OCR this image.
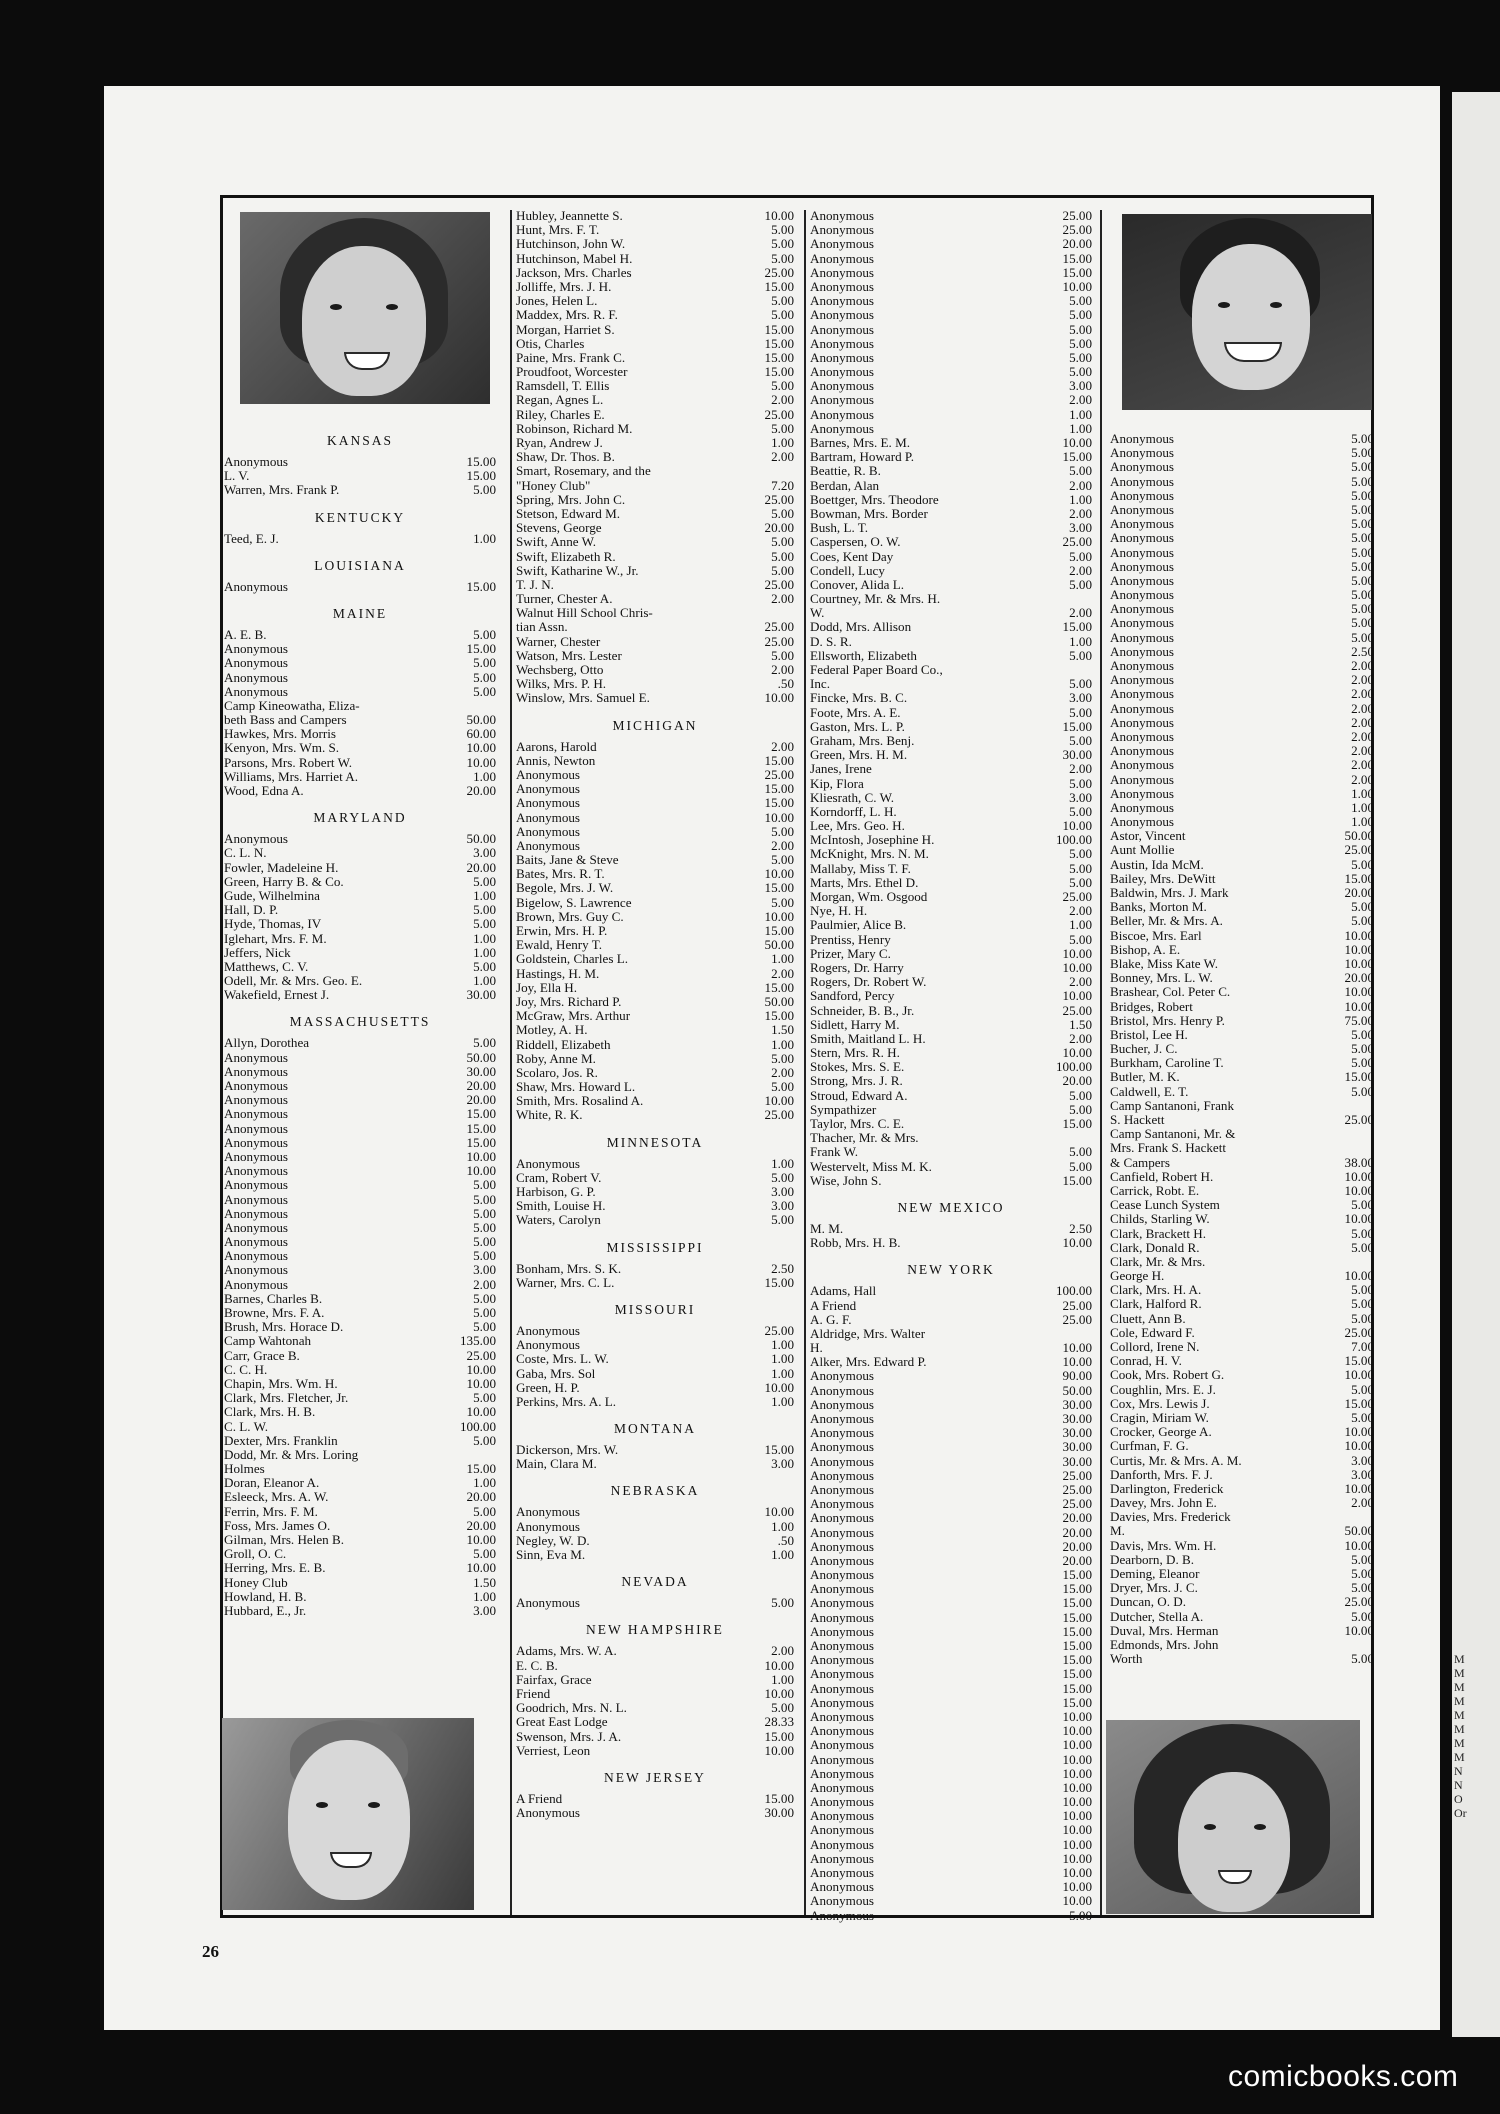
M
M
M
M
M
M
M
M
N
N
O
Or
KANSAS
Anonymous	15.00
L. V.	15.00
Warren, Mrs. Frank P.	5.00
KENTUCKY
Teed, E. J.	1.00
LOUISIANA
Anonymous	15.00
MAINE
A. E. B.	5.00
Anonymous	15.00
Anonymous	5.00
Anonymous	5.00
Anonymous	5.00
Camp Kineowatha, Eliza-
beth Bass and Campers	50.00
Hawkes, Mrs. Morris	60.00
Kenyon, Mrs. Wm. S.	10.00
Parsons, Mrs. Robert W.	10.00
Williams, Mrs. Harriet A.	1.00
Wood, Edna A.	20.00
MARYLAND
Anonymous	50.00
C. L. N.	3.00
Fowler, Madeleine H.	20.00
Green, Harry B. & Co.	5.00
Gude, Wilhelmina	1.00
Hall, D. P.	5.00
Hyde, Thomas, IV	5.00
Iglehart, Mrs. F. M.	1.00
Jeffers, Nick	1.00
Matthews, C. V.	5.00
Odell, Mr. & Mrs. Geo. E.	1.00
Wakefield, Ernest J.	30.00
MASSACHUSETTS
Allyn, Dorothea	5.00
Anonymous	50.00
Anonymous	30.00
Anonymous	20.00
Anonymous	20.00
Anonymous	15.00
Anonymous	15.00
Anonymous	15.00
Anonymous	10.00
Anonymous	10.00
Anonymous	5.00
Anonymous	5.00
Anonymous	5.00
Anonymous	5.00
Anonymous	5.00
Anonymous	5.00
Anonymous	3.00
Anonymous	2.00
Barnes, Charles B.	5.00
Browne, Mrs. F. A.	5.00
Brush, Mrs. Horace D.	5.00
Camp Wahtonah	135.00
Carr, Grace B.	25.00
C. C. H.	10.00
Chapin, Mrs. Wm. H.	10.00
Clark, Mrs. Fletcher, Jr.	5.00
Clark, Mrs. H. B.	10.00
C. L. W.	100.00
Dexter, Mrs. Franklin	5.00
Dodd, Mr. & Mrs. Loring
Holmes	15.00
Doran, Eleanor A.	1.00
Esleeck, Mrs. A. W.	20.00
Ferrin, Mrs. F. M.	5.00
Foss, Mrs. James O.	20.00
Gilman, Mrs. Helen B.	10.00
Groll, O. C.	5.00
Herring, Mrs. E. B.	10.00
Honey Club	1.50
Howland, H. B.	1.00
Hubbard, E., Jr.	3.00
Hubley, Jeannette S.	10.00
Hunt, Mrs. F. T.	5.00
Hutchinson, John W.	5.00
Hutchinson, Mabel H.	5.00
Jackson, Mrs. Charles	25.00
Jolliffe, Mrs. J. H.	15.00
Jones, Helen L.	5.00
Maddex, Mrs. R. F.	5.00
Morgan, Harriet S.	15.00
Otis, Charles	15.00
Paine, Mrs. Frank C.	15.00
Proudfoot, Worcester	15.00
Ramsdell, T. Ellis	5.00
Regan, Agnes L.	2.00
Riley, Charles E.	25.00
Robinson, Richard M.	5.00
Ryan, Andrew J.	1.00
Shaw, Dr. Thos. B.	2.00
Smart, Rosemary, and the
"Honey Club"	7.20
Spring, Mrs. John C.	25.00
Stetson, Edward M.	5.00
Stevens, George	20.00
Swift, Anne W.	5.00
Swift, Elizabeth R.	5.00
Swift, Katharine W., Jr.	5.00
T. J. N.	25.00
Turner, Chester A.	2.00
Walnut Hill School Chris-
tian Assn.	25.00
Warner, Chester	25.00
Watson, Mrs. Lester	5.00
Wechsberg, Otto	2.00
Wilks, Mrs. P. H.	.50
Winslow, Mrs. Samuel E.	10.00
MICHIGAN
Aarons, Harold	2.00
Annis, Newton	15.00
Anonymous	25.00
Anonymous	15.00
Anonymous	15.00
Anonymous	10.00
Anonymous	5.00
Anonymous	2.00
Baits, Jane & Steve	5.00
Bates, Mrs. R. T.	10.00
Begole, Mrs. J. W.	15.00
Bigelow, S. Lawrence	5.00
Brown, Mrs. Guy C.	10.00
Erwin, Mrs. H. P.	15.00
Ewald, Henry T.	50.00
Goldstein, Charles L.	1.00
Hastings, H. M.	2.00
Joy, Ella H.	15.00
Joy, Mrs. Richard P.	50.00
McGraw, Mrs. Arthur	15.00
Motley, A. H.	1.50
Riddell, Elizabeth	1.00
Roby, Anne M.	5.00
Scolaro, Jos. R.	2.00
Shaw, Mrs. Howard L.	5.00
Smith, Mrs. Rosalind A.	10.00
White, R. K.	25.00
MINNESOTA
Anonymous	1.00
Cram, Robert V.	5.00
Harbison, G. P.	3.00
Smith, Louise H.	3.00
Waters, Carolyn	5.00
MISSISSIPPI
Bonham, Mrs. S. K.	2.50
Warner, Mrs. C. L.	15.00
MISSOURI
Anonymous	25.00
Anonymous	1.00
Coste, Mrs. L. W.	1.00
Gaba, Mrs. Sol	1.00
Green, H. P.	10.00
Perkins, Mrs. A. L.	1.00
MONTANA
Dickerson, Mrs. W.	15.00
Main, Clara M.	3.00
NEBRASKA
Anonymous	10.00
Anonymous	1.00
Negley, W. D.	.50
Sinn, Eva M.	1.00
NEVADA
Anonymous	5.00
NEW HAMPSHIRE
Adams, Mrs. W. A.	2.00
E. C. B.	10.00
Fairfax, Grace	1.00
Friend	10.00
Goodrich, Mrs. N. L.	5.00
Great East Lodge	28.33
Swenson, Mrs. J. A.	15.00
Verriest, Leon	10.00
NEW JERSEY
A Friend	15.00
Anonymous	30.00
Anonymous	25.00
Anonymous	25.00
Anonymous	20.00
Anonymous	15.00
Anonymous	15.00
Anonymous	10.00
Anonymous	5.00
Anonymous	5.00
Anonymous	5.00
Anonymous	5.00
Anonymous	5.00
Anonymous	5.00
Anonymous	3.00
Anonymous	2.00
Anonymous	1.00
Anonymous	1.00
Barnes, Mrs. E. M.	10.00
Bartram, Howard P.	15.00
Beattie, R. B.	5.00
Berdan, Alan	2.00
Boettger, Mrs. Theodore	1.00
Bowman, Mrs. Border	2.00
Bush, L. T.	3.00
Caspersen, O. W.	25.00
Coes, Kent Day	5.00
Condell, Lucy	2.00
Conover, Alida L.	5.00
Courtney, Mr. & Mrs. H.
W.	2.00
Dodd, Mrs. Allison	15.00
D. S. R.	1.00
Ellsworth, Elizabeth	5.00
Federal Paper Board Co.,
Inc.	5.00
Fincke, Mrs. B. C.	3.00
Foote, Mrs. A. E.	5.00
Gaston, Mrs. L. P.	15.00
Graham, Mrs. Benj.	5.00
Green, Mrs. H. M.	30.00
Janes, Irene	2.00
Kip, Flora	5.00
Kliesrath, C. W.	3.00
Korndorff, L. H.	5.00
Lee, Mrs. Geo. H.	10.00
McIntosh, Josephine H.	100.00
McKnight, Mrs. N. M.	5.00
Mallaby, Miss T. F.	5.00
Marts, Mrs. Ethel D.	5.00
Morgan, Wm. Osgood	25.00
Nye, H. H.	2.00
Paulmier, Alice B.	1.00
Prentiss, Henry	5.00
Prizer, Mary C.	10.00
Rogers, Dr. Harry	10.00
Rogers, Dr. Robert W.	2.00
Sandford, Percy	10.00
Schneider, B. B., Jr.	25.00
Sidlett, Harry M.	1.50
Smith, Maitland L. H.	2.00
Stern, Mrs. R. H.	10.00
Stokes, Mrs. S. E.	100.00
Strong, Mrs. J. R.	20.00
Stroud, Edward A.	5.00
Sympathizer	5.00
Taylor, Mrs. C. E.	15.00
Thacher, Mr. & Mrs.
Frank W.	5.00
Westervelt, Miss M. K.	5.00
Wise, John S.	15.00
NEW MEXICO
M. M.	2.50
Robb, Mrs. H. B.	10.00
NEW YORK
Adams, Hall	100.00
A Friend	25.00
A. G. F.	25.00
Aldridge, Mrs. Walter
H.	10.00
Alker, Mrs. Edward P.	10.00
Anonymous	90.00
Anonymous	50.00
Anonymous	30.00
Anonymous	30.00
Anonymous	30.00
Anonymous	30.00
Anonymous	30.00
Anonymous	25.00
Anonymous	25.00
Anonymous	25.00
Anonymous	20.00
Anonymous	20.00
Anonymous	20.00
Anonymous	20.00
Anonymous	15.00
Anonymous	15.00
Anonymous	15.00
Anonymous	15.00
Anonymous	15.00
Anonymous	15.00
Anonymous	15.00
Anonymous	15.00
Anonymous	15.00
Anonymous	15.00
Anonymous	10.00
Anonymous	10.00
Anonymous	10.00
Anonymous	10.00
Anonymous	10.00
Anonymous	10.00
Anonymous	10.00
Anonymous	10.00
Anonymous	10.00
Anonymous	10.00
Anonymous	10.00
Anonymous	10.00
Anonymous	10.00
Anonymous	10.00
Anonymous	5.00
Anonymous	5.00
Anonymous	5.00
Anonymous	5.00
Anonymous	5.00
Anonymous	5.00
Anonymous	5.00
Anonymous	5.00
Anonymous	5.00
Anonymous	5.00
Anonymous	5.00
Anonymous	5.00
Anonymous	5.00
Anonymous	5.00
Anonymous	5.00
Anonymous	5.00
Anonymous	2.50
Anonymous	2.00
Anonymous	2.00
Anonymous	2.00
Anonymous	2.00
Anonymous	2.00
Anonymous	2.00
Anonymous	2.00
Anonymous	2.00
Anonymous	2.00
Anonymous	1.00
Anonymous	1.00
Anonymous	1.00
Astor, Vincent	50.00
Aunt Mollie	25.00
Austin, Ida McM.	5.00
Bailey, Mrs. DeWitt	15.00
Baldwin, Mrs. J. Mark	20.00
Banks, Morton M.	5.00
Beller, Mr. & Mrs. A.	5.00
Biscoe, Mrs. Earl	10.00
Bishop, A. E.	10.00
Blake, Miss Kate W.	10.00
Bonney, Mrs. L. W.	20.00
Brashear, Col. Peter C.	10.00
Bridges, Robert	10.00
Bristol, Mrs. Henry P.	75.00
Bristol, Lee H.	5.00
Bucher, J. C.	5.00
Burkham, Caroline T.	5.00
Butler, M. K.	15.00
Caldwell, E. T.	5.00
Camp Santanoni, Frank
S. Hackett	25.00
Camp Santanoni, Mr. &
Mrs. Frank S. Hackett
& Campers	38.00
Canfield, Robert H.	10.00
Carrick, Robt. E.	10.00
Cease Lunch System	5.00
Childs, Starling W.	10.00
Clark, Brackett H.	5.00
Clark, Donald R.	5.00
Clark, Mr. & Mrs.
George H.	10.00
Clark, Mrs. H. A.	5.00
Clark, Halford R.	5.00
Cluett, Ann B.	5.00
Cole, Edward F.	25.00
Collord, Irene N.	7.00
Conrad, H. V.	15.00
Cook, Mrs. Robert G.	10.00
Coughlin, Mrs. E. J.	5.00
Cox, Mrs. Lewis J.	15.00
Cragin, Miriam W.	5.00
Crocker, George A.	10.00
Curfman, F. G.	10.00
Curtis, Mr. & Mrs. A. M.	3.00
Danforth, Mrs. F. J.	3.00
Darlington, Frederick	10.00
Davey, Mrs. John E.	2.00
Davies, Mrs. Frederick
M.	50.00
Davis, Mrs. Wm. H.	10.00
Dearborn, D. B.	5.00
Deming, Eleanor	5.00
Dryer, Mrs. J. C.	5.00
Duncan, O. D.	25.00
Dutcher, Stella A.	5.00
Duval, Mrs. Herman	10.00
Edmonds, Mrs. John
Worth	5.00
26
comicbooks.com
